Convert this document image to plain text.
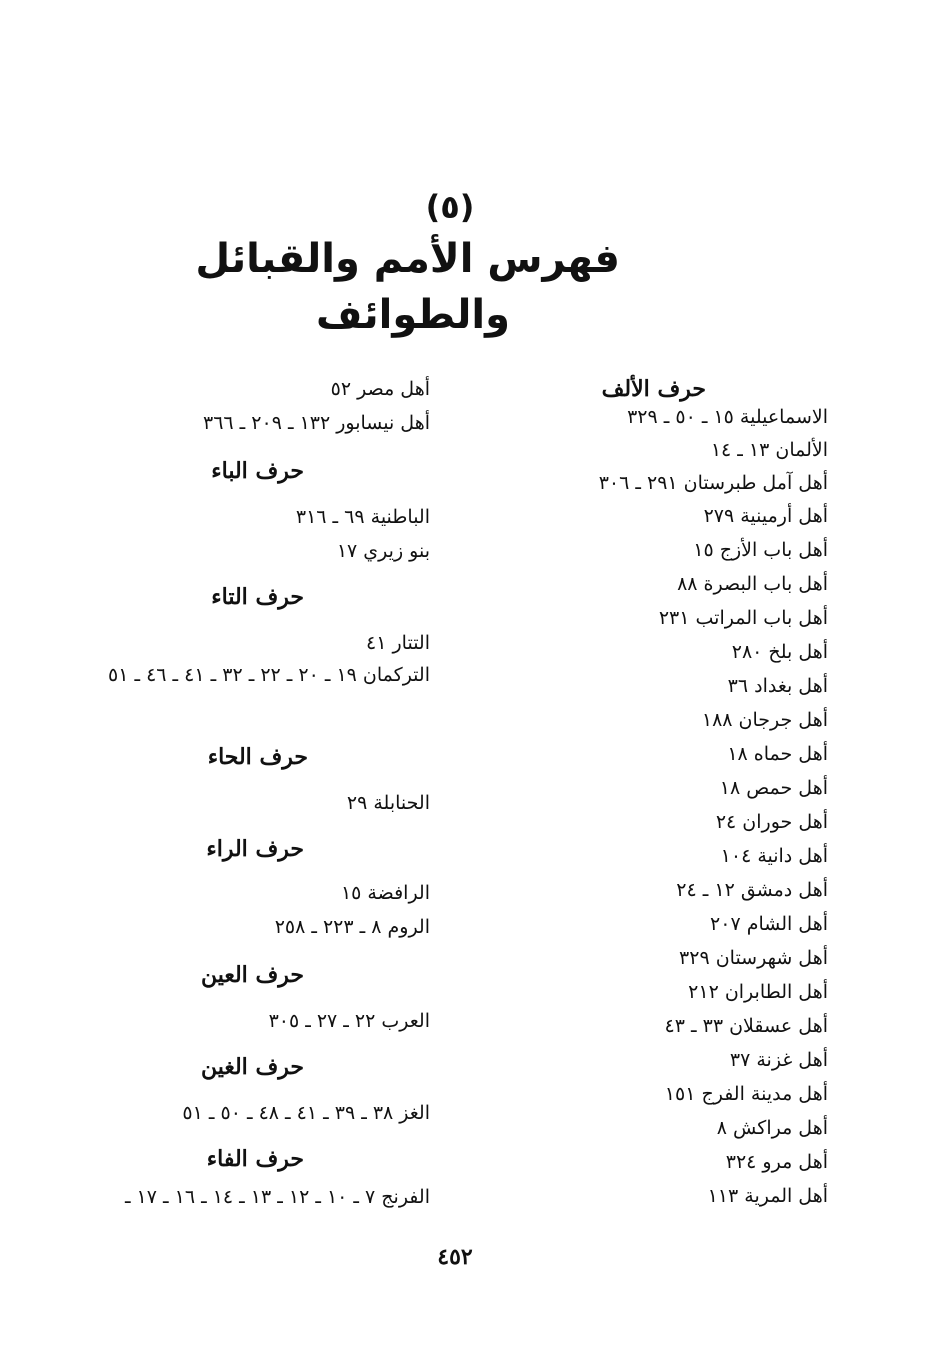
(٥)
فهرس الأمم والقبائل
والطوائف
حرف الألف
الاسماعيلية ١٥ ـ ٥٠ ـ ٣٢٩
الألمان ١٣ ـ ١٤
أهل آمل طبرستان ٢٩١ ـ ٣٠٦
أهل أرمينية ٢٧٩
أهل باب الأزج ١٥
أهل باب البصرة ٨٨
أهل باب المراتب ٢٣١
أهل بلخ ٢٨٠
أهل بغداد ٣٦
أهل جرجان ١٨٨
أهل حماه ١٨
أهل حمص ١٨
أهل حوران ٢٤
أهل دانية ١٠٤
أهل دمشق ١٢ ـ ٢٤
أهل الشام ٢٠٧
أهل شهرستان ٣٢٩
أهل الطابران ٢١٢
أهل عسقلان ٣٣ ـ ٤٣
أهل غزنة ٣٧
أهل مدينة الفرج ١٥١
أهل مراكش ٨
أهل مرو ٣٢٤
أهل المرية ١١٣
أهل مصر ٥٢
أهل نيسابور ١٣٢ ـ ٢٠٩ ـ ٣٦٦
حرف الباء
الباطنية ٦٩ ـ ٣١٦
بنو زيري ١٧
حرف التاء
التتار ٤١
التركمان ١٩ ـ ٢٠ ـ ٢٢ ـ ٣٢ ـ ٤١ ـ ٤٦ ـ ٥١
حرف الحاء
الحنابلة ٢٩
حرف الراء
الرافضة ١٥
الروم ٨ ـ ٢٢٣ ـ ٢٥٨
حرف العين
العرب ٢٢ ـ ٢٧ ـ ٣٠٥
حرف الغين
الغز ٣٨ ـ ٣٩ ـ ٤١ ـ ٤٨ ـ ٥٠ ـ ٥١
حرف الفاء
الفرنج ٧ ـ ١٠ ـ ١٢ ـ ١٣ ـ ١٤ ـ ١٦ ـ ١٧ ـ
٤٥٢
